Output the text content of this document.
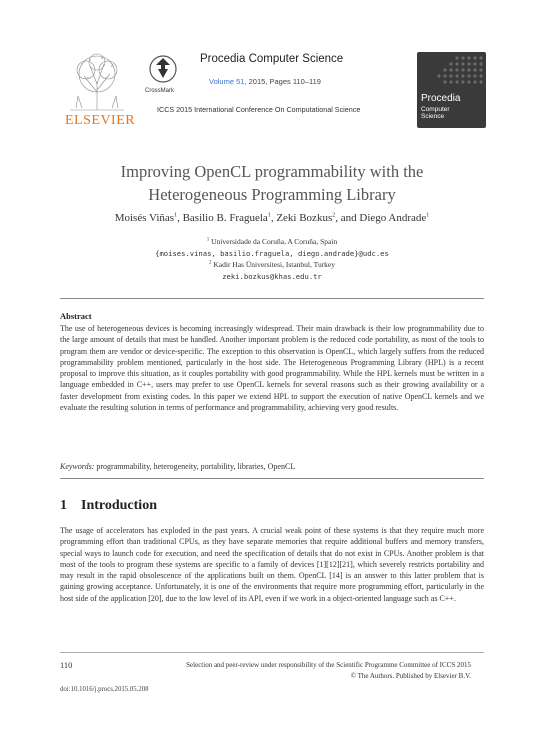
ELSEVIER
CrossMark
Procedia Computer Science
Volume 51, 2015, Pages 110–119
ICCS 2015 International Conference On Computational Science
Procedia
Computer Science
Improving OpenCL programmability with the
Heterogeneous Programming Library
Moisés Viñas$^1$, Basilio B. Fraguela$^1$, Zeki Bozkus$^2$, and Diego Andrade$^1$
$^1$ Universidade da Coruña, A Coruña, Spain
{moises.vinas, basilio.fraguela, diego.andrade}@udc.es
$^2$ Kadir Has Üniversitesi, Istanbul, Turkey
zeki.bozkus@khas.edu.tr
Abstract
The use of heterogeneous devices is becoming increasingly widespread. Their main drawback is their low programmability due to the large amount of details that must be handled. Another important problem is the reduced code portability, as most of the tools to program them are vendor or device-specific. The exception to this observation is OpenCL, which largely suffers from the reduced programmability problem mentioned, particularly in the host side. The Heterogeneous Programming Library (HPL) is a recent proposal to improve this situation, as it couples portability with good programmability. While the HPL kernels must be written in a language embedded in C++, users may prefer to use OpenCL kernels for several reasons such as their growing availability or a faster development from existing codes. In this paper we extend HPL to support the execution of native OpenCL kernels and we evaluate the resulting solution in terms of performance and programmability, achieving very good results.
Keywords: programmability, heterogeneity, portability, libraries, OpenCL
1 Introduction
The usage of accelerators has exploded in the past years. A crucial weak point of these systems is that they require much more programming effort than traditional CPUs, as they have separate memories that require additional buffers and memory transfers, special ways to launch code for execution, and need the specification of details that do not exist in CPUs. Another problem is that most of the tools to program these systems are specific to a family of devices [1][12][21], which severely restricts portability and may result in the rapid obsolescence of the applications built on them. OpenCL [14] is an answer to this latter problem that is gaining growing acceptance. Unfortunately, it is one of the environments that require more programming effort, particularly in the host side of the application [20], due to the low level of its API, even if we work in a object-oriented language such as C++.
110	Selection and peer-review under responsibility of the Scientific Programme Committee of ICCS 2015
© The Authors. Published by Elsevier B.V.
doi:10.1016/j.procs.2015.05.208
